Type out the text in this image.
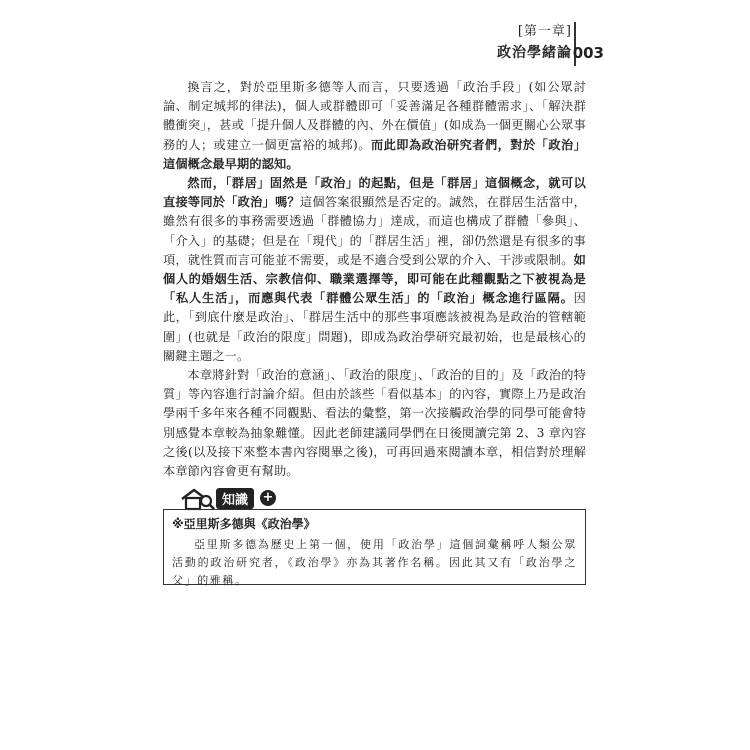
[第一章]
政治學緒論 003

換言之，對於亞里斯多德等人而言，只要透過「政治手段」(如公眾討論、制定城邦的律法)，個人或群體即可「妥善滿足各種群體需求」、「解決群體衝突」，甚或「提升個人及群體的內、外在價值」(如成為一個更關心公眾事務的人；或建立一個更富裕的城邦)。而此即為政治研究者們，對於「政治」這個概念最早期的認知。

然而，「群居」固然是「政治」的起點，但是「群居」這個概念，就可以直接等同於「政治」嗎？這個答案很顯然是否定的。誠然，在群居生活當中，雖然有很多的事務需要透過「群體協力」達成，而這也構成了群體「參與」、「介入」的基礎；但是在「現代」的「群居生活」裡，卻仍然還是有很多的事項，就性質而言可能並不需要，或是不適合受到公眾的介入、干涉或限制。如個人的婚姻生活、宗教信仰、職業選擇等，即可能在此種觀點之下被視為是「私人生活」，而應與代表「群體公眾生活」的「政治」概念進行區隔。因此，「到底什麼是政治」、「群居生活中的那些事項應該被視為是政治的管轄範圍」(也就是「政治的限度」問題)，即成為政治學研究最初始，也是最核心的關鍵主題之一。

本章將針對「政治的意涵」、「政治的限度」、「政治的目的」及「政治的特質」等內容進行討論介紹。但由於該些「看似基本」的內容，實際上乃是政治學兩千多年來各種不同觀點、看法的彙整，第一次接觸政治學的同學可能會特別感覺本章較為抽象難懂。因此老師建議同學們在日後閱讀完第 2、3 章內容之後(以及接下來整本書內容閱畢之後)，可再回過來閱讀本章，相信對於理解本章節內容會更有幫助。

知識	+
※亞里斯多德與《政治學》
亞里斯多德為歷史上第一個，使用「政治學」這個詞彙稱呼人類公眾活動的政治研究者，《政治學》亦為其著作名稱。因此其又有「政治學之父」的雅稱。
